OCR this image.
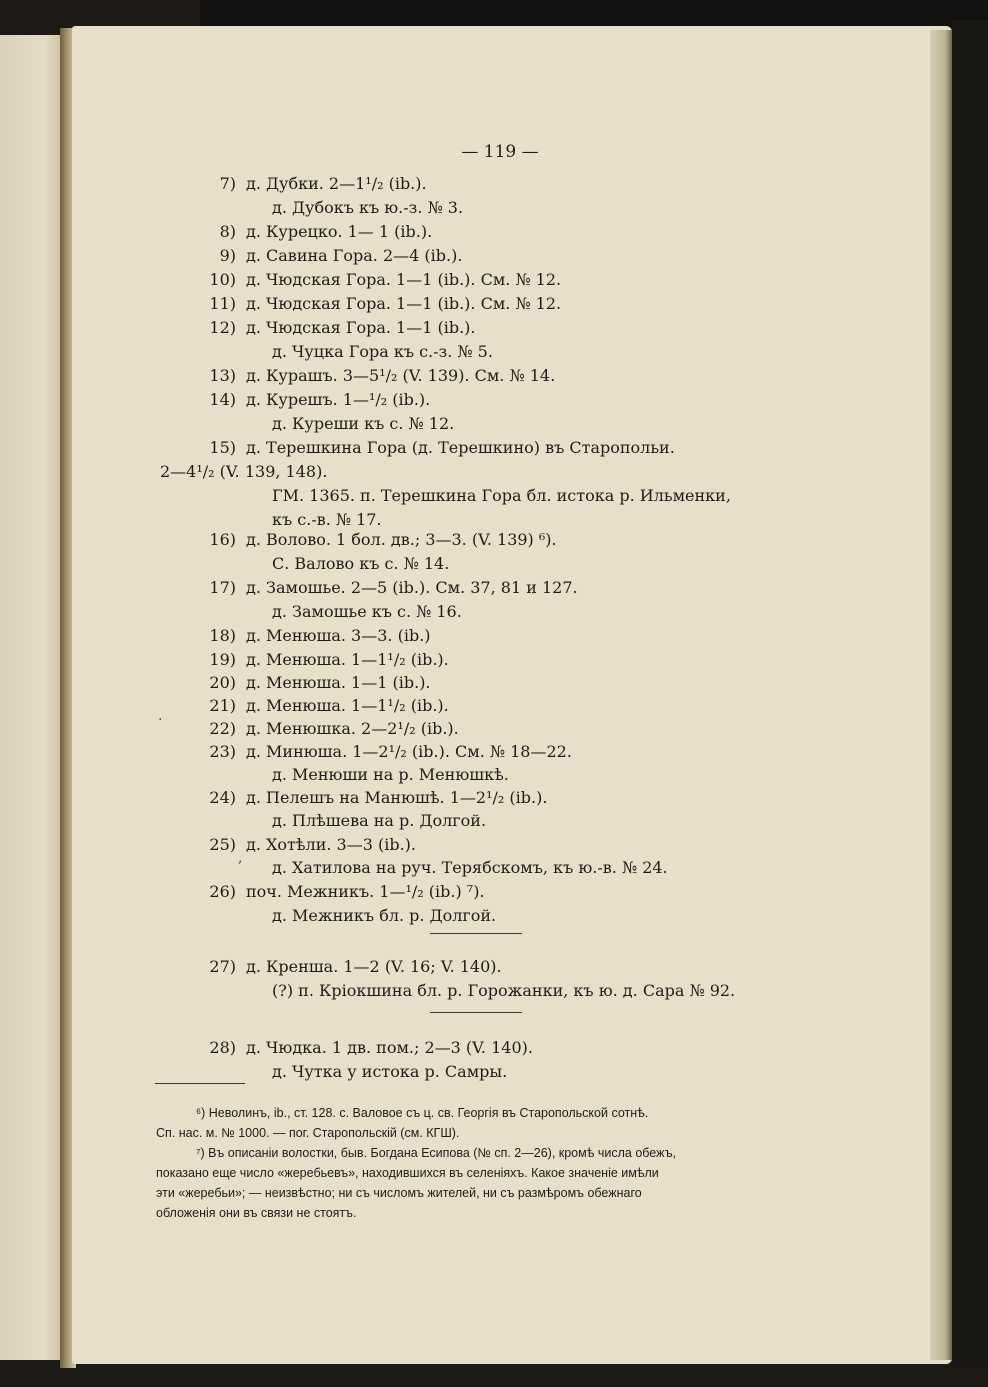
— 119 —
7) д. Дубки. 2—1¹/₂ (ib.).
д. Дубокъ къ ю.-з. № 3.
8) д. Курецко. 1— 1 (ib.).
9) д. Савина Гора. 2—4 (ib.).
10) д. Чюдская Гора. 1—1 (ib.). См. № 12.
11) д. Чюдская Гора. 1—1 (ib.). См. № 12.
12) д. Чюдская Гора. 1—1 (ib.).
д. Чуцка Гора къ с.-з. № 5.
13) д. Курашъ. 3—5¹/₂ (V. 139). См. № 14.
14) д. Курешъ. 1—¹/₂ (ib.).
д. Куреши къ с. № 12.
15) д. Терешкина Гора (д. Терешкино) въ Старопольи.
2—4¹/₂ (V. 139, 148).
ГМ. 1365. п. Терешкина Гора бл. истока р. Ильменки,
къ с.-в. № 17.
16) д. Волово. 1 бол. дв.; 3—3. (V. 139) ⁶).
С. Валово къ с. № 14.
17) д. Замошье. 2—5 (ib.). См. 37, 81 и 127.
д. Замошье къ с. № 16.
18) д. Менюша. 3—3. (ib.)
19) д. Менюша. 1—1¹/₂ (ib.).
20) д. Менюша. 1—1 (ib.).
21) д. Менюша. 1—1¹/₂ (ib.).
22) д. Менюшка. 2—2¹/₂ (ib.).
23) д. Минюша. 1—2¹/₂ (ib.). См. № 18—22.
д. Менюши на р. Менюшкѣ.
24) д. Пелешъ на Манюшѣ. 1—2¹/₂ (ib.).
д. Плѣшева на р. Долгой.
25) д. Хотѣли. 3—3 (ib.).
д. Хатилова на руч. Терябскомъ, къ ю.-в. № 24.
26) поч. Межникъ. 1—¹/₂ (ib.) ⁷).
д. Межникъ бл. р. Долгой.
27) д. Кренша. 1—2 (V. 16; V. 140).
(?) п. Кріокшина бл. р. Горожанки, къ ю. д. Сара № 92.
28) д. Чюдка. 1 дв. пом.; 2—3 (V. 140).
д. Чутка у истока р. Самры.
·
,
⁶) Неволинъ, ib., ст. 128. с. Валовое съ ц. св. Георгія въ Старопольской сотнѣ.
Сп. нас. м. № 1000. — пог. Старопольскій (см. КГШ).
⁷) Въ описаніи волостки, быв. Богдана Есипова (№ сп. 2—26), кромѣ числа обежъ,
показано еще число «жеребьевъ», находившихся въ селеніяхъ. Какое значеніе имѣли
эти «жеребьи»; — неизвѣстно; ни съ числомъ жителей, ни съ размѣромъ обежнаго
обложенія они въ связи не стоятъ.
